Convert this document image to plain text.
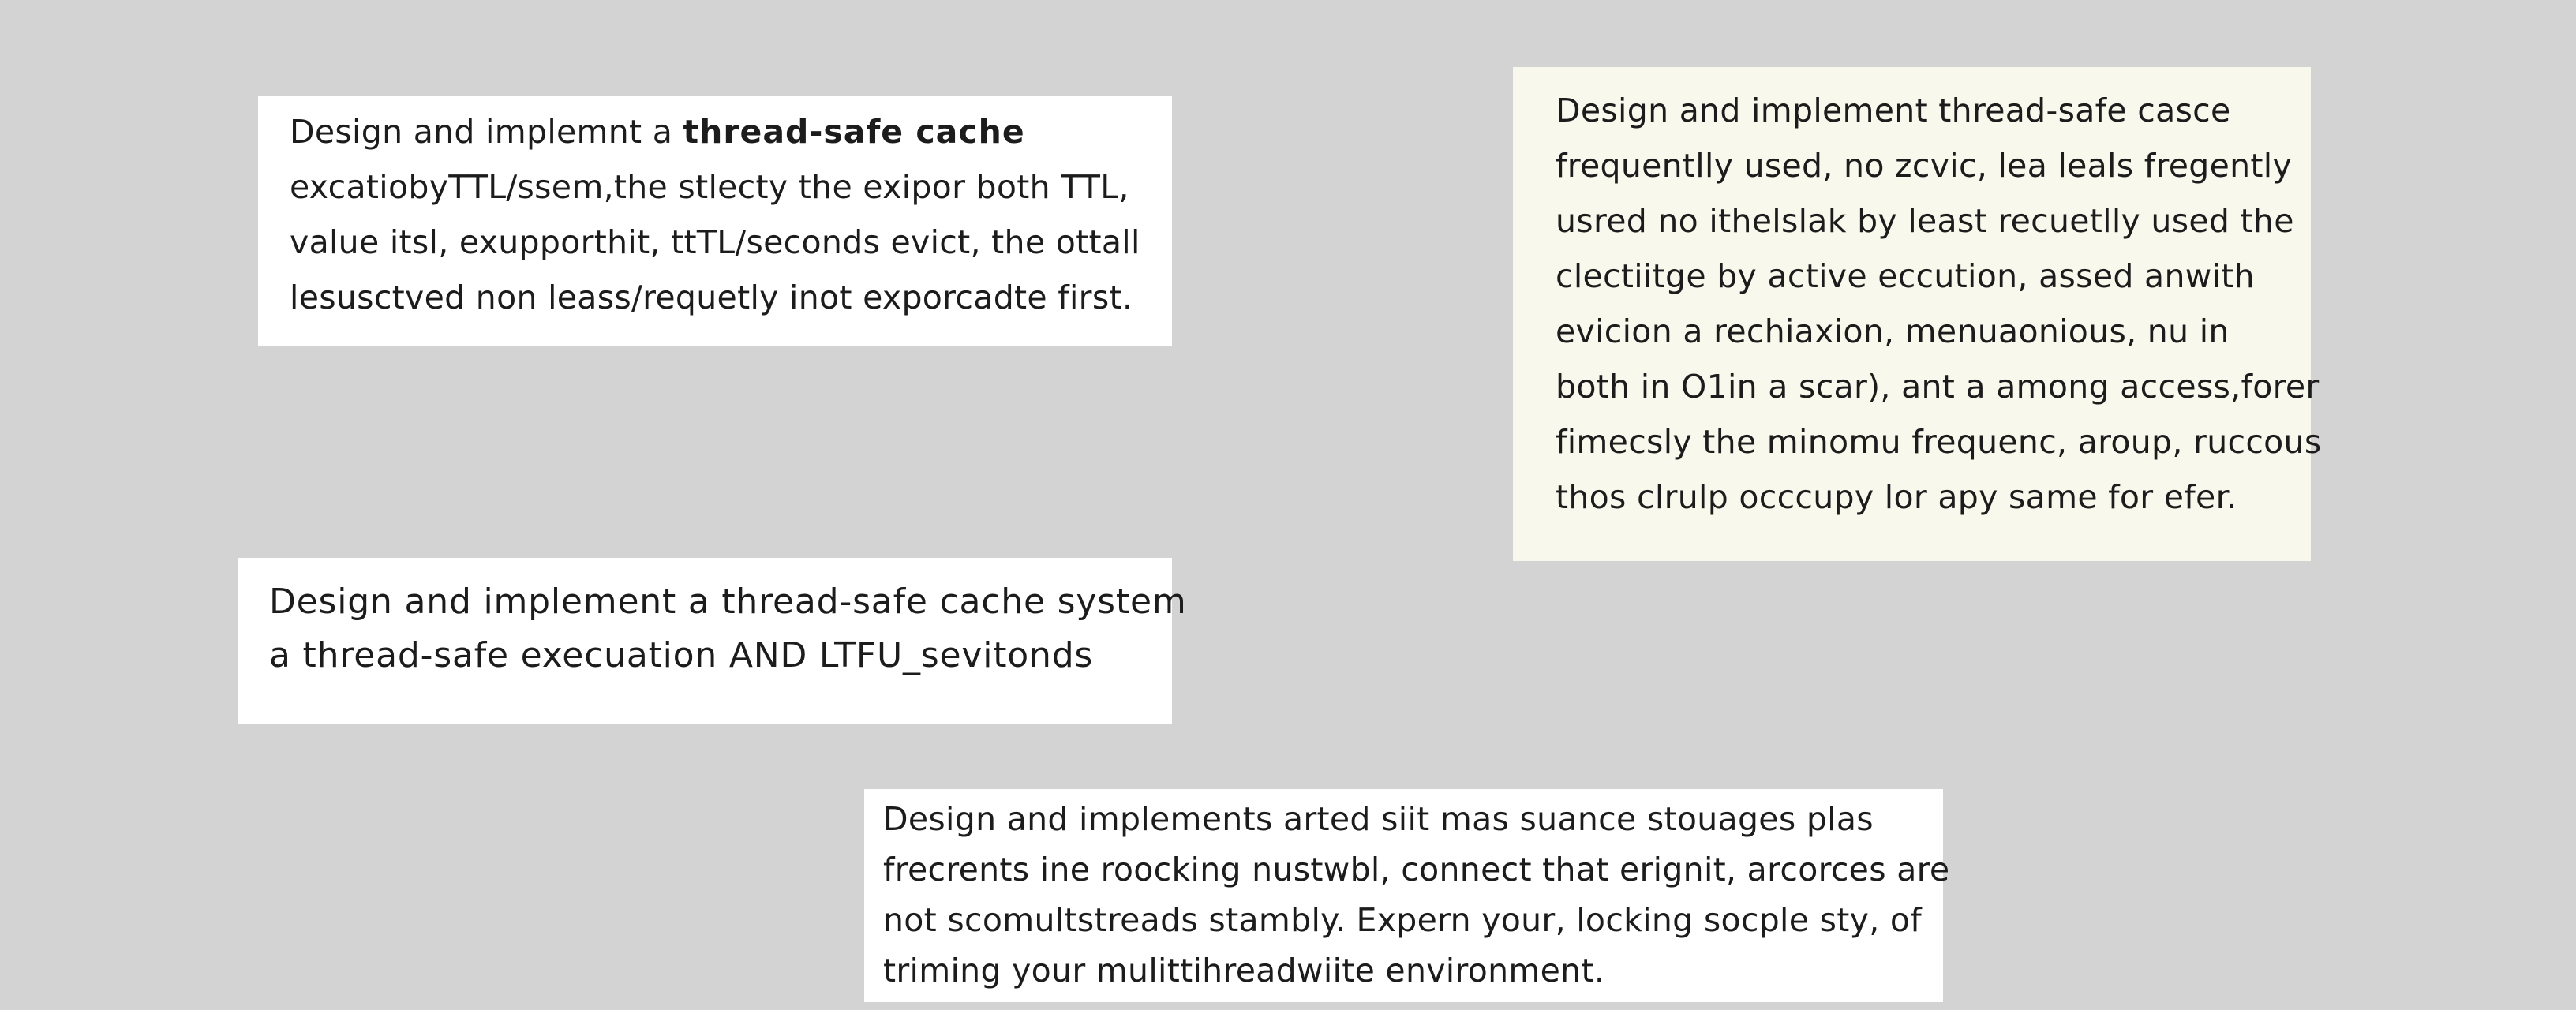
Design and implemnt a thread-safe cache

excatiobyTTL/ssem,the stlecty the exipor both TTL,

value itsl, exupporthit, ttTL/seconds evict, the ottall

lesusctved non leass/requetly inot exporcadte first.

Design and implement thread-safe casce

frequentlly used, no zcvic, lea leals fregently

usred no ithelslak by least recuetlly used the

clectiitge by active eccution, assed anwith

evicion a rechiaxion, menuaonious, nu in

both in O1in a scar), ant a among access,forer

fimecsly the minomu frequenc, aroup, ruccous

thos clrulp occcupy lor apy same for efer.

Design and implement a thread-safe cache system

a thread-safe execuation AND LTFU_sevitonds

Design and implements arted siit mas suance stouages plas

frecrents ine roocking nustwbl, connect that erignit, arcorces are

not scomultstreads stambly. Expern your, locking socple sty, of

triming your mulittihreadwiite environment.
